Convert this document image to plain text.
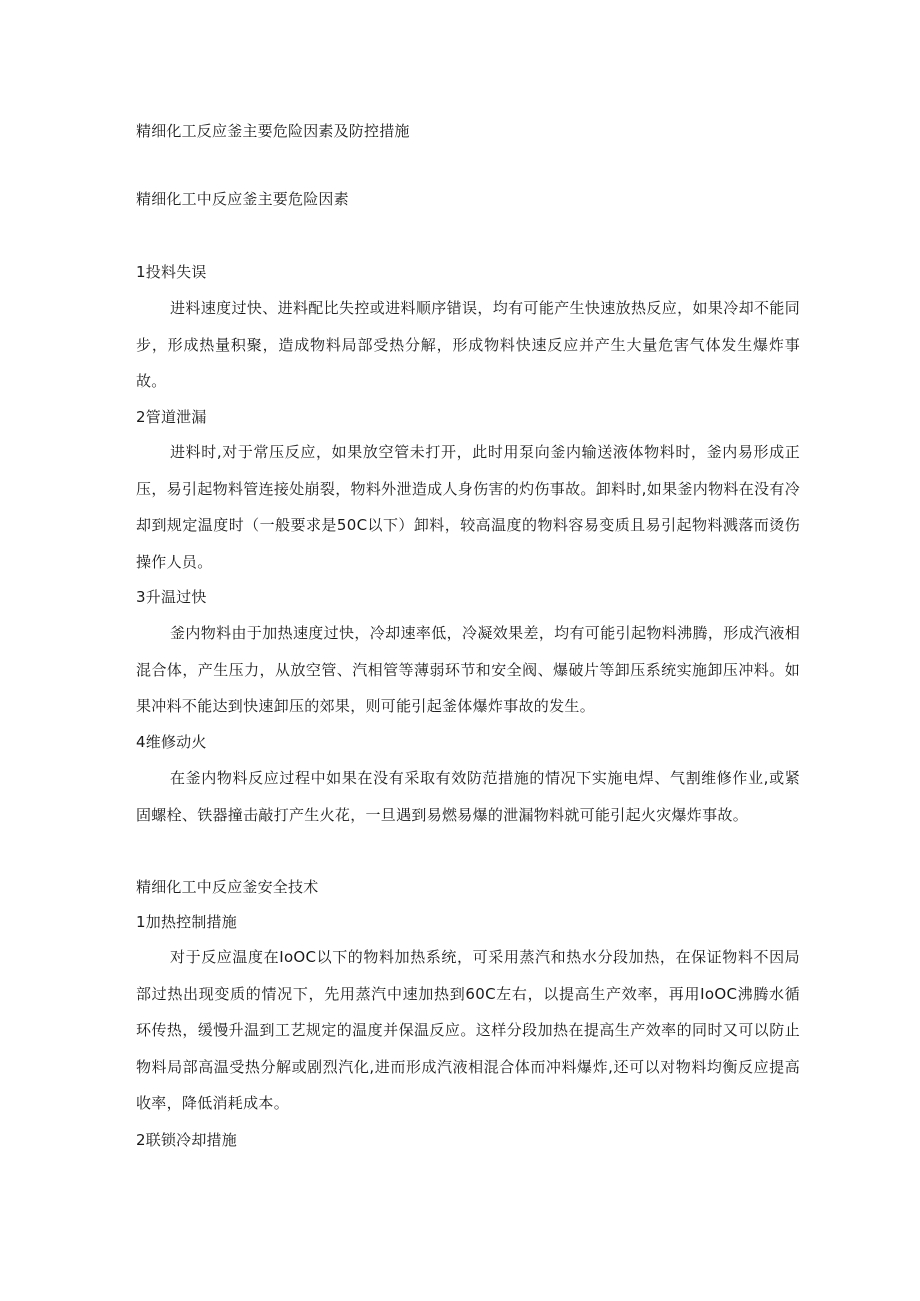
精细化工反应釜主要危险因素及防控措施
精细化工中反应釜主要危险因素
1投料失误
进料速度过快、进料配比失控或进料顺序错误，均有可能产生快速放热反应，如果冷却不能同步，形成热量积聚，造成物料局部受热分解，形成物料快速反应并产生大量危害气体发生爆炸事故。
2管道泄漏
进料时,对于常压反应，如果放空管未打开，此时用泵向釜内输送液体物料时，釜内易形成正压，易引起物料管连接处崩裂，物料外泄造成人身伤害的灼伤事故。卸料时,如果釜内物料在没有冷却到规定温度时（一般要求是50C以下）卸料，较高温度的物料容易变质且易引起物料溅落而烫伤操作人员。
3升温过快
釜内物料由于加热速度过快，冷却速率低，冷凝效果差，均有可能引起物料沸腾，形成汽液相混合体，产生压力，从放空管、汽相管等薄弱环节和安全阀、爆破片等卸压系统实施卸压冲料。如果冲料不能达到快速卸压的郊果，则可能引起釜体爆炸事故的发生。
4维修动火
在釜内物料反应过程中如果在没有采取有效防范措施的情况下实施电焊、气割维修作业,或紧固螺栓、铁器撞击敲打产生火花，一旦遇到易燃易爆的泄漏物料就可能引起火灾爆炸事故。
精细化工中反应釜安全技术
1加热控制措施
对于反应温度在IoOC以下的物料加热系统，可采用蒸汽和热水分段加热，在保证物料不因局部过热出现变质的情况下，先用蒸汽中速加热到60C左右，以提高生产效率，再用IoOC沸腾水循环传热，缓慢升温到工艺规定的温度并保温反应。这样分段加热在提高生产效率的同时又可以防止物料局部高温受热分解或剧烈汽化,进而形成汽液相混合体而冲料爆炸,还可以对物料均衡反应提高收率，降低消耗成本。
2联锁冷却措施
